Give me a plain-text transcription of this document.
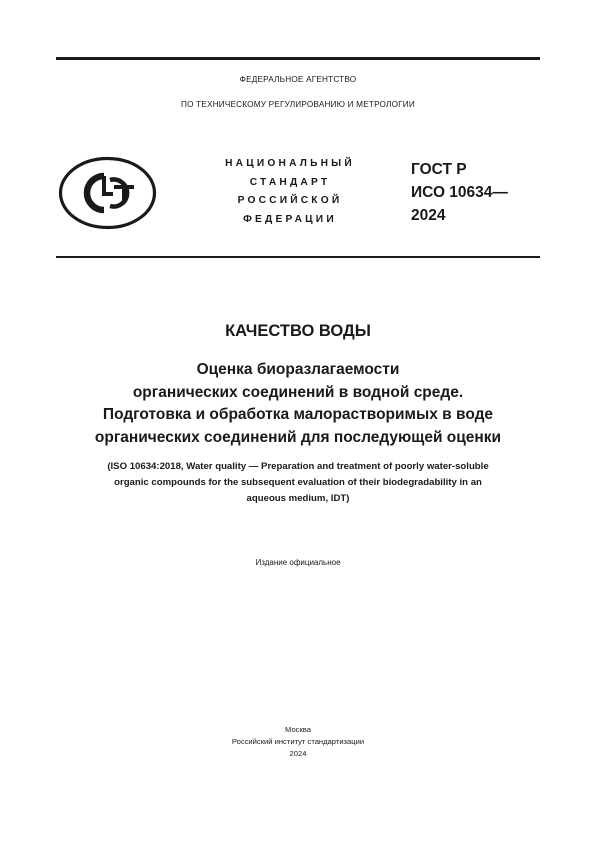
ФЕДЕРАЛЬНОЕ АГЕНТСТВО
ПО ТЕХНИЧЕСКОМУ РЕГУЛИРОВАНИЮ И МЕТРОЛОГИИ
НАЦИОНАЛЬНЫЙ
СТАНДАРТ
РОССИЙСКОЙ
ФЕДЕРАЦИИ
ГОСТ Р
ИСО 10634—
2024
КАЧЕСТВО ВОДЫ
Оценка биоразлагаемости
органических соединений в водной среде.
Подготовка и обработка малорастворимых в воде
органических соединений для последующей оценки
(ISO 10634:2018, Water quality — Preparation and treatment of poorly water-soluble
organic compounds for the subsequent evaluation of their biodegradability in an
aqueous medium, IDT)
Издание официальное
Москва
Российский институт стандартизации
2024
